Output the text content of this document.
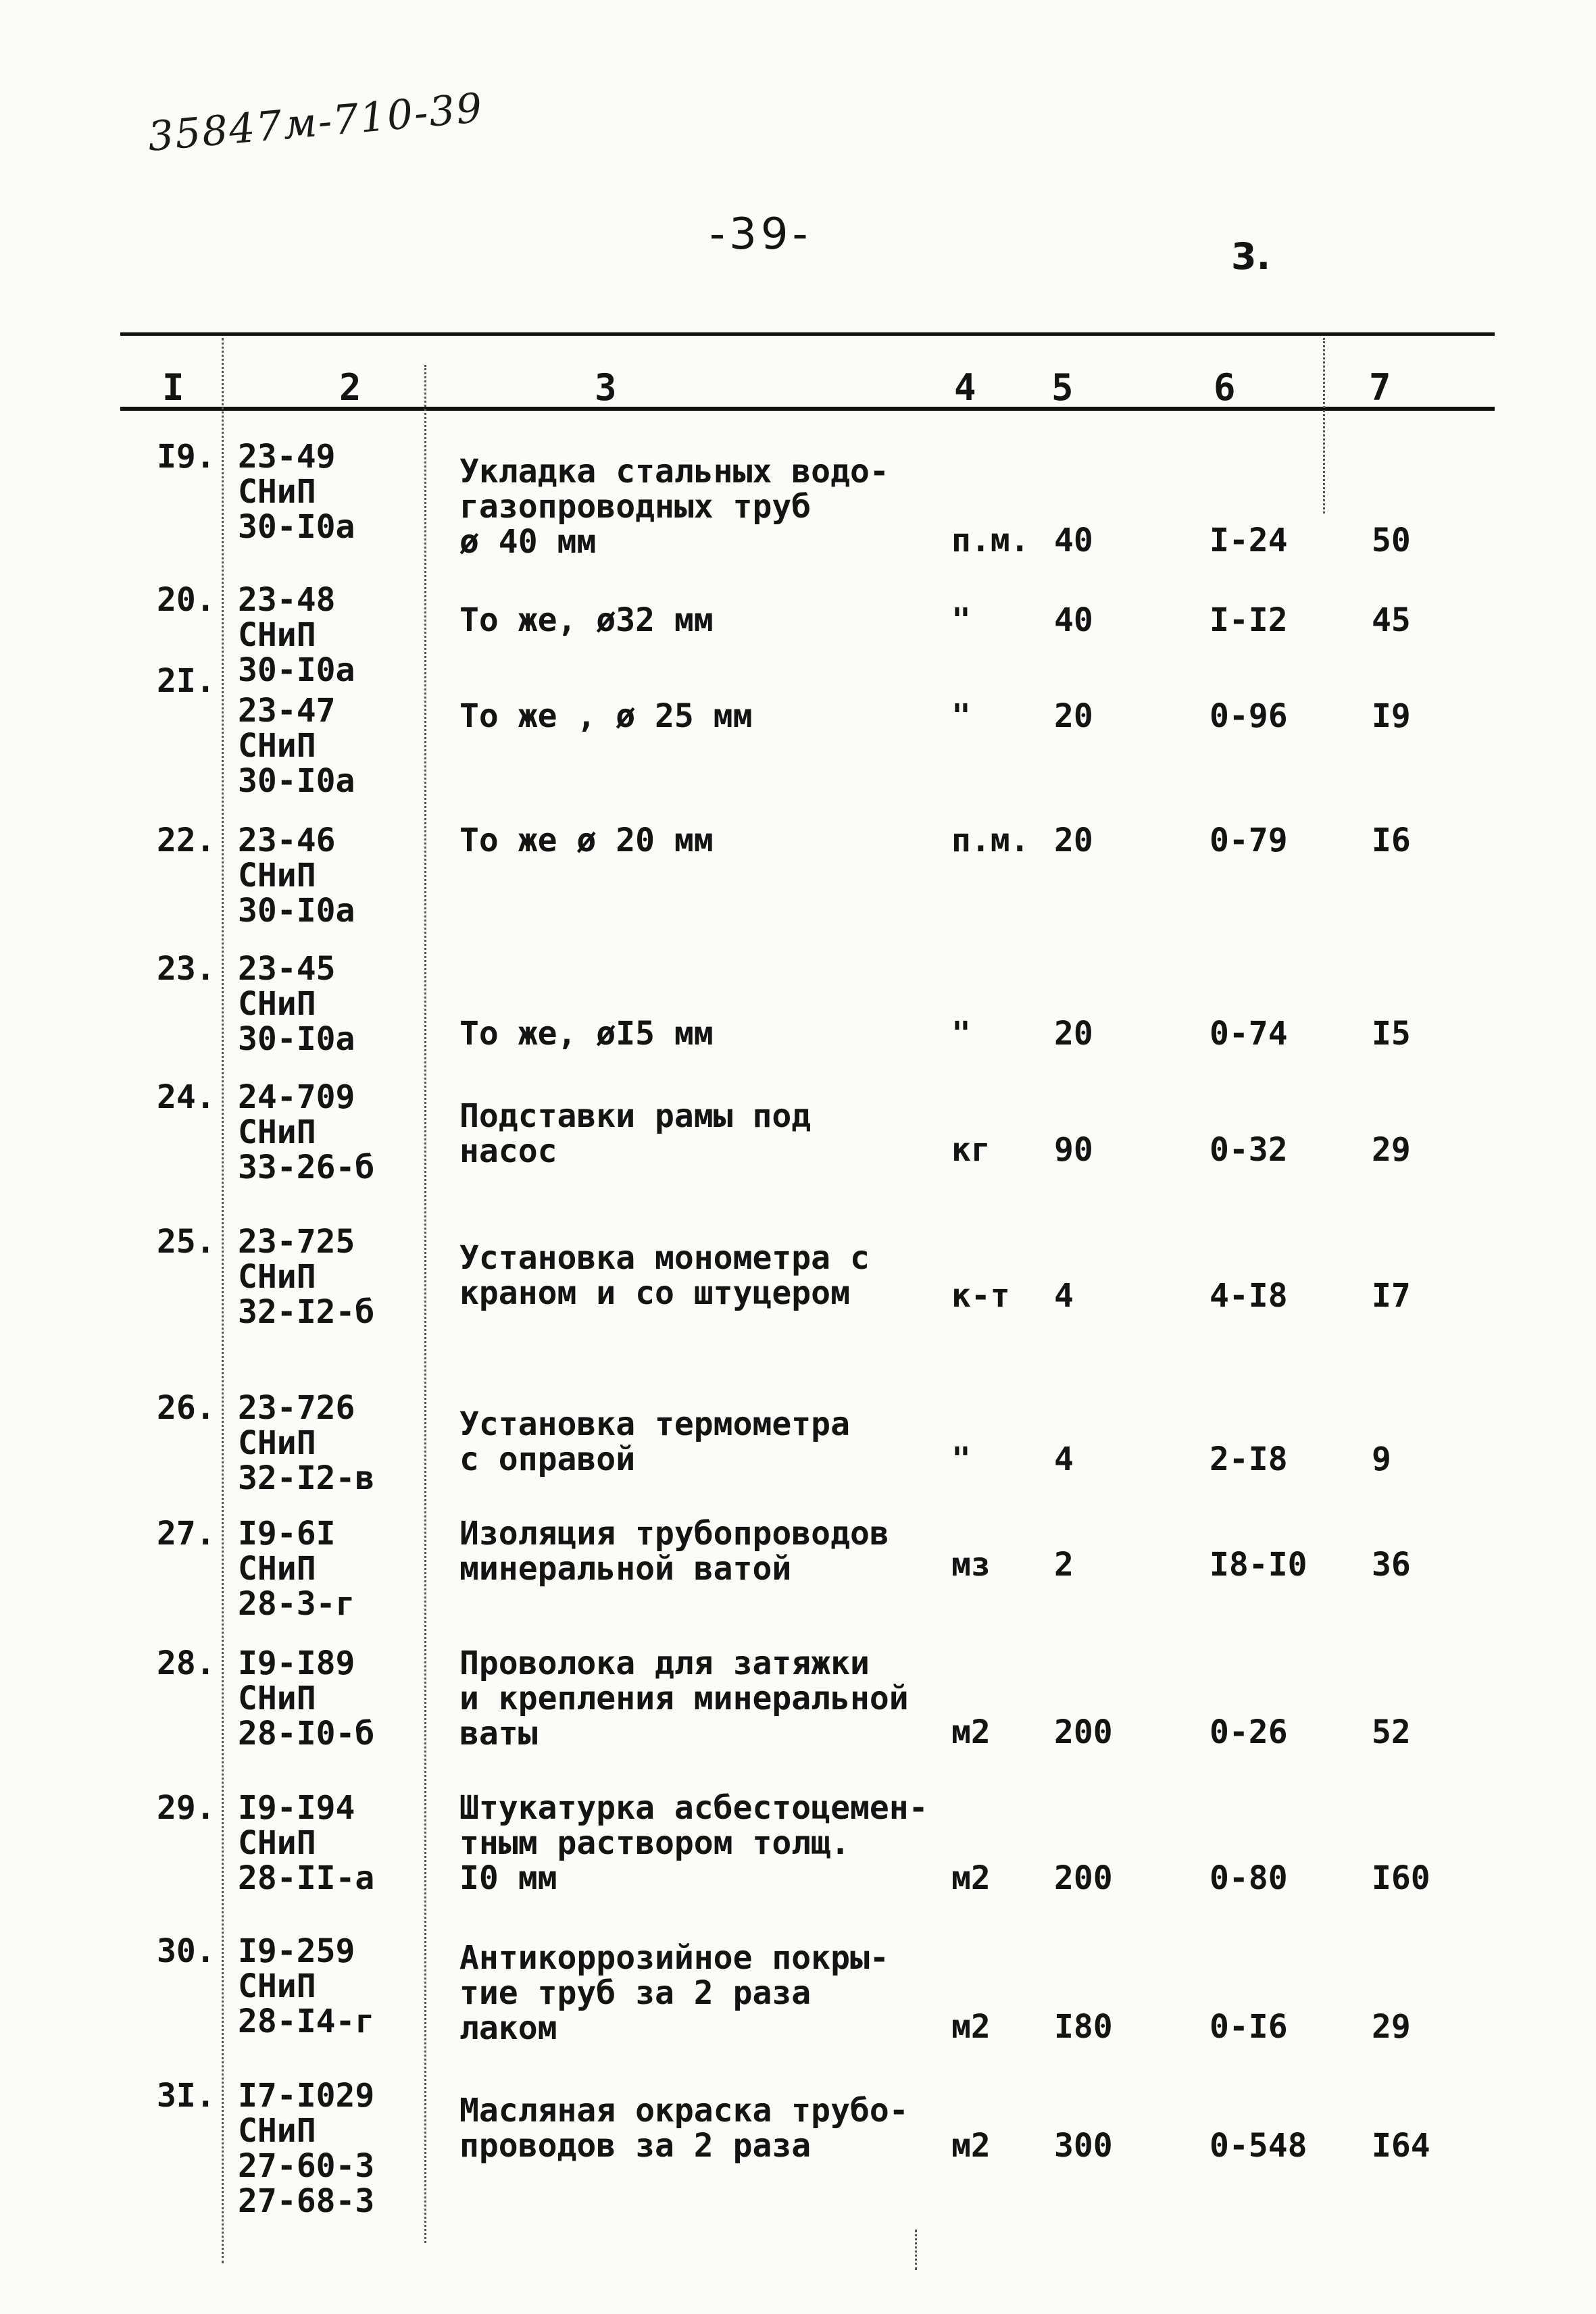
35847м-710-39
-39-	3.
I	2	3	4 5	6	7
I9. 23-49
СНиП
30-I0а
Укладка стальных водо-
газопроводных труб
ø 40 мм	п.м. 40	I-24	50
20. 23-48
СНиП
30-I0а
То же, ø32 мм	"	40	I-I2	45
2I.
23-47
СНиП
30-I0а
То же , ø 25 мм	"	20	0-96	I9
22. 23-46
СНиП
30-I0а
То же ø 20 мм	п.м. 20	0-79	I6
23. 23-45
СНиП
30-I0а	То же, øI5 мм	"	20	0-74	I5
24. 24-709
СНиП
33-26-б
Подставки рамы под
насос	кг 90	0-32	29
25. 23-725
СНиП
32-I2-б
Установка монометра с
краном и со штуцером	к-т 4	4-I8	I7
26. 23-726
СНиП
32-I2-в
Установка термометра
с оправой	"	4	2-I8	9
27. I9-6I
СНиП
28-3-г
Изоляция трубопроводов
минеральной ватой	мз 2	I8-I0 36
28. I9-I89
СНиП
28-I0-б
Проволока для затяжки
и крепления минеральной
ваты	м2 200	0-26	52
29. I9-I94
СНиП
28-II-а
Штукатурка асбестоцемен-
тным раствором толщ.
I0 мм	м2 200	0-80	I60
30. I9-259
СНиП
28-I4-г
Антикоррозийное покры-
тие труб за 2 раза
лаком	м2 I80	0-I6	29
3I. I7-I029
СНиП
27-60-3
27-68-3
Масляная окраска трубо-
проводов за 2 раза	м2 300	0-548 I64
